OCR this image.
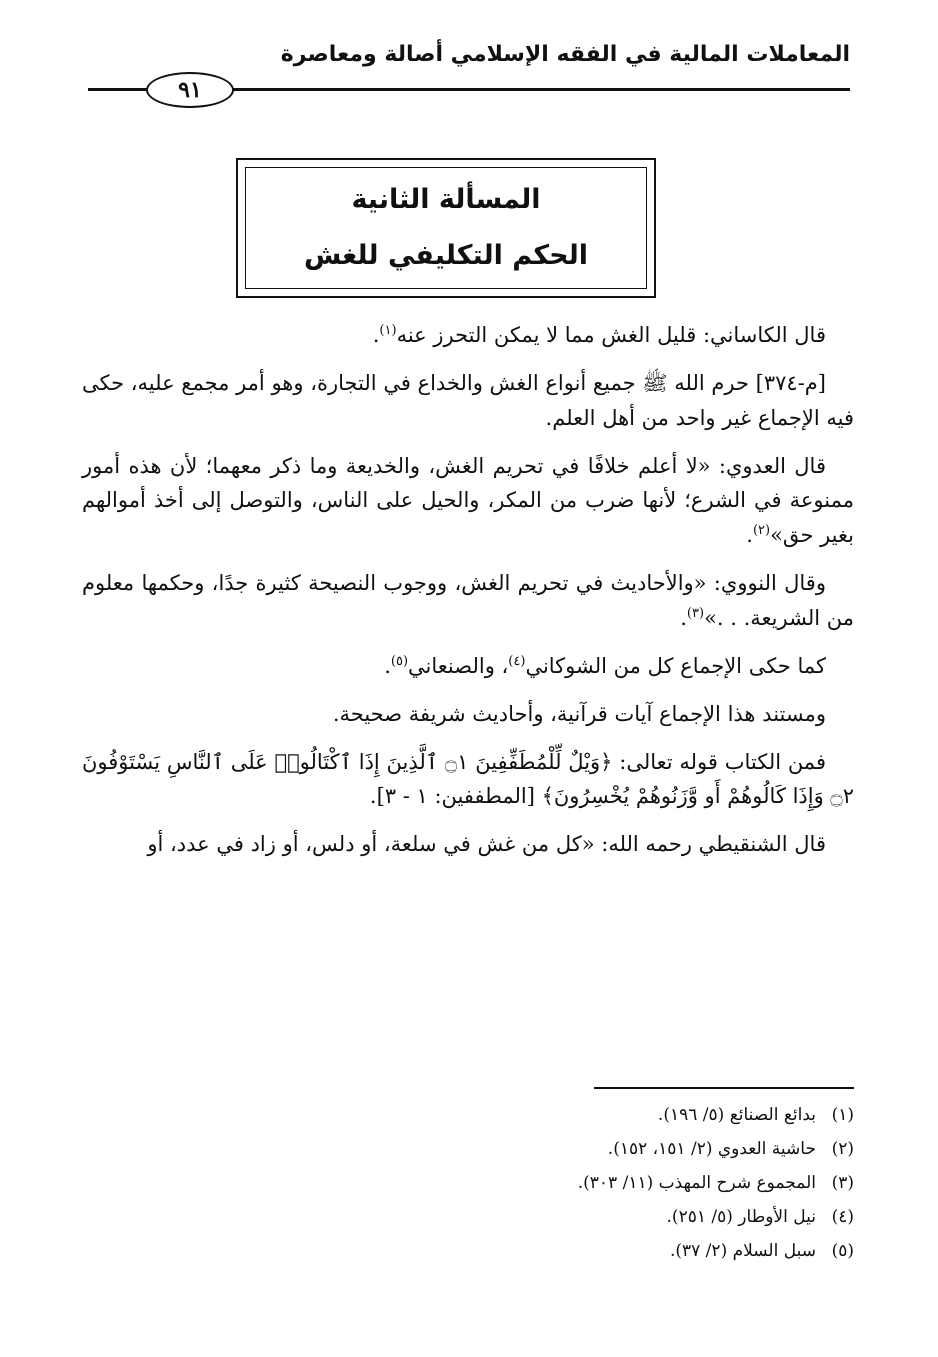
المعاملات المالية في الفقه الإسلامي أصالة ومعاصرة
٩١
المسألة الثانية
الحكم التكليفي للغش

قال الكاساني: قليل الغش مما لا يمكن التحرز عنه$^{(١)}$.

[م-٣٧٤] حرم الله ﷺ جميع أنواع الغش والخداع في التجارة، وهو أمر مجمع عليه، حكى فيه الإجماع غير واحد من أهل العلم.

قال العدوي: «لا أعلم خلافًا في تحريم الغش، والخديعة وما ذكر معهما؛ لأن هذه أمور ممنوعة في الشرع؛ لأنها ضرب من المكر، والحيل على الناس، والتوصل إلى أخذ أموالهم بغير حق»$^{(٢)}$.

وقال النووي: «والأحاديث في تحريم الغش، ووجوب النصيحة كثيرة جدًا، وحكمها معلوم من الشريعة. . .»$^{(٣)}$.

كما حكى الإجماع كل من الشوكاني$^{(٤)}$، والصنعاني$^{(٥)}$.

ومستند هذا الإجماع آيات قرآنية، وأحاديث شريفة صحيحة.

فمن الكتاب قوله تعالى: ﴿وَيْلٌ لِّلْمُطَفِّفِينَ ۝١ ٱلَّذِينَ إِذَا ٱكْتَالُوا۟ عَلَى ٱلنَّاسِ يَسْتَوْفُونَ ۝٢ وَإِذَا كَالُوهُمْ أَو وَّزَنُوهُمْ يُخْسِرُونَ﴾ [المطففين: ١ - ٣].

قال الشنقيطي رحمه الله: «كل من غش في سلعة، أو دلس، أو زاد في عدد، أو

(١)بدائع الصنائع (٥/ ١٩٦).
(٢)حاشية العدوي (٢/ ١٥١، ١٥٢).
(٣)المجموع شرح المهذب (١١/ ٣٠٣).
(٤)نيل الأوطار (٥/ ٢٥١).
(٥)سبل السلام (٢/ ٣٧).
